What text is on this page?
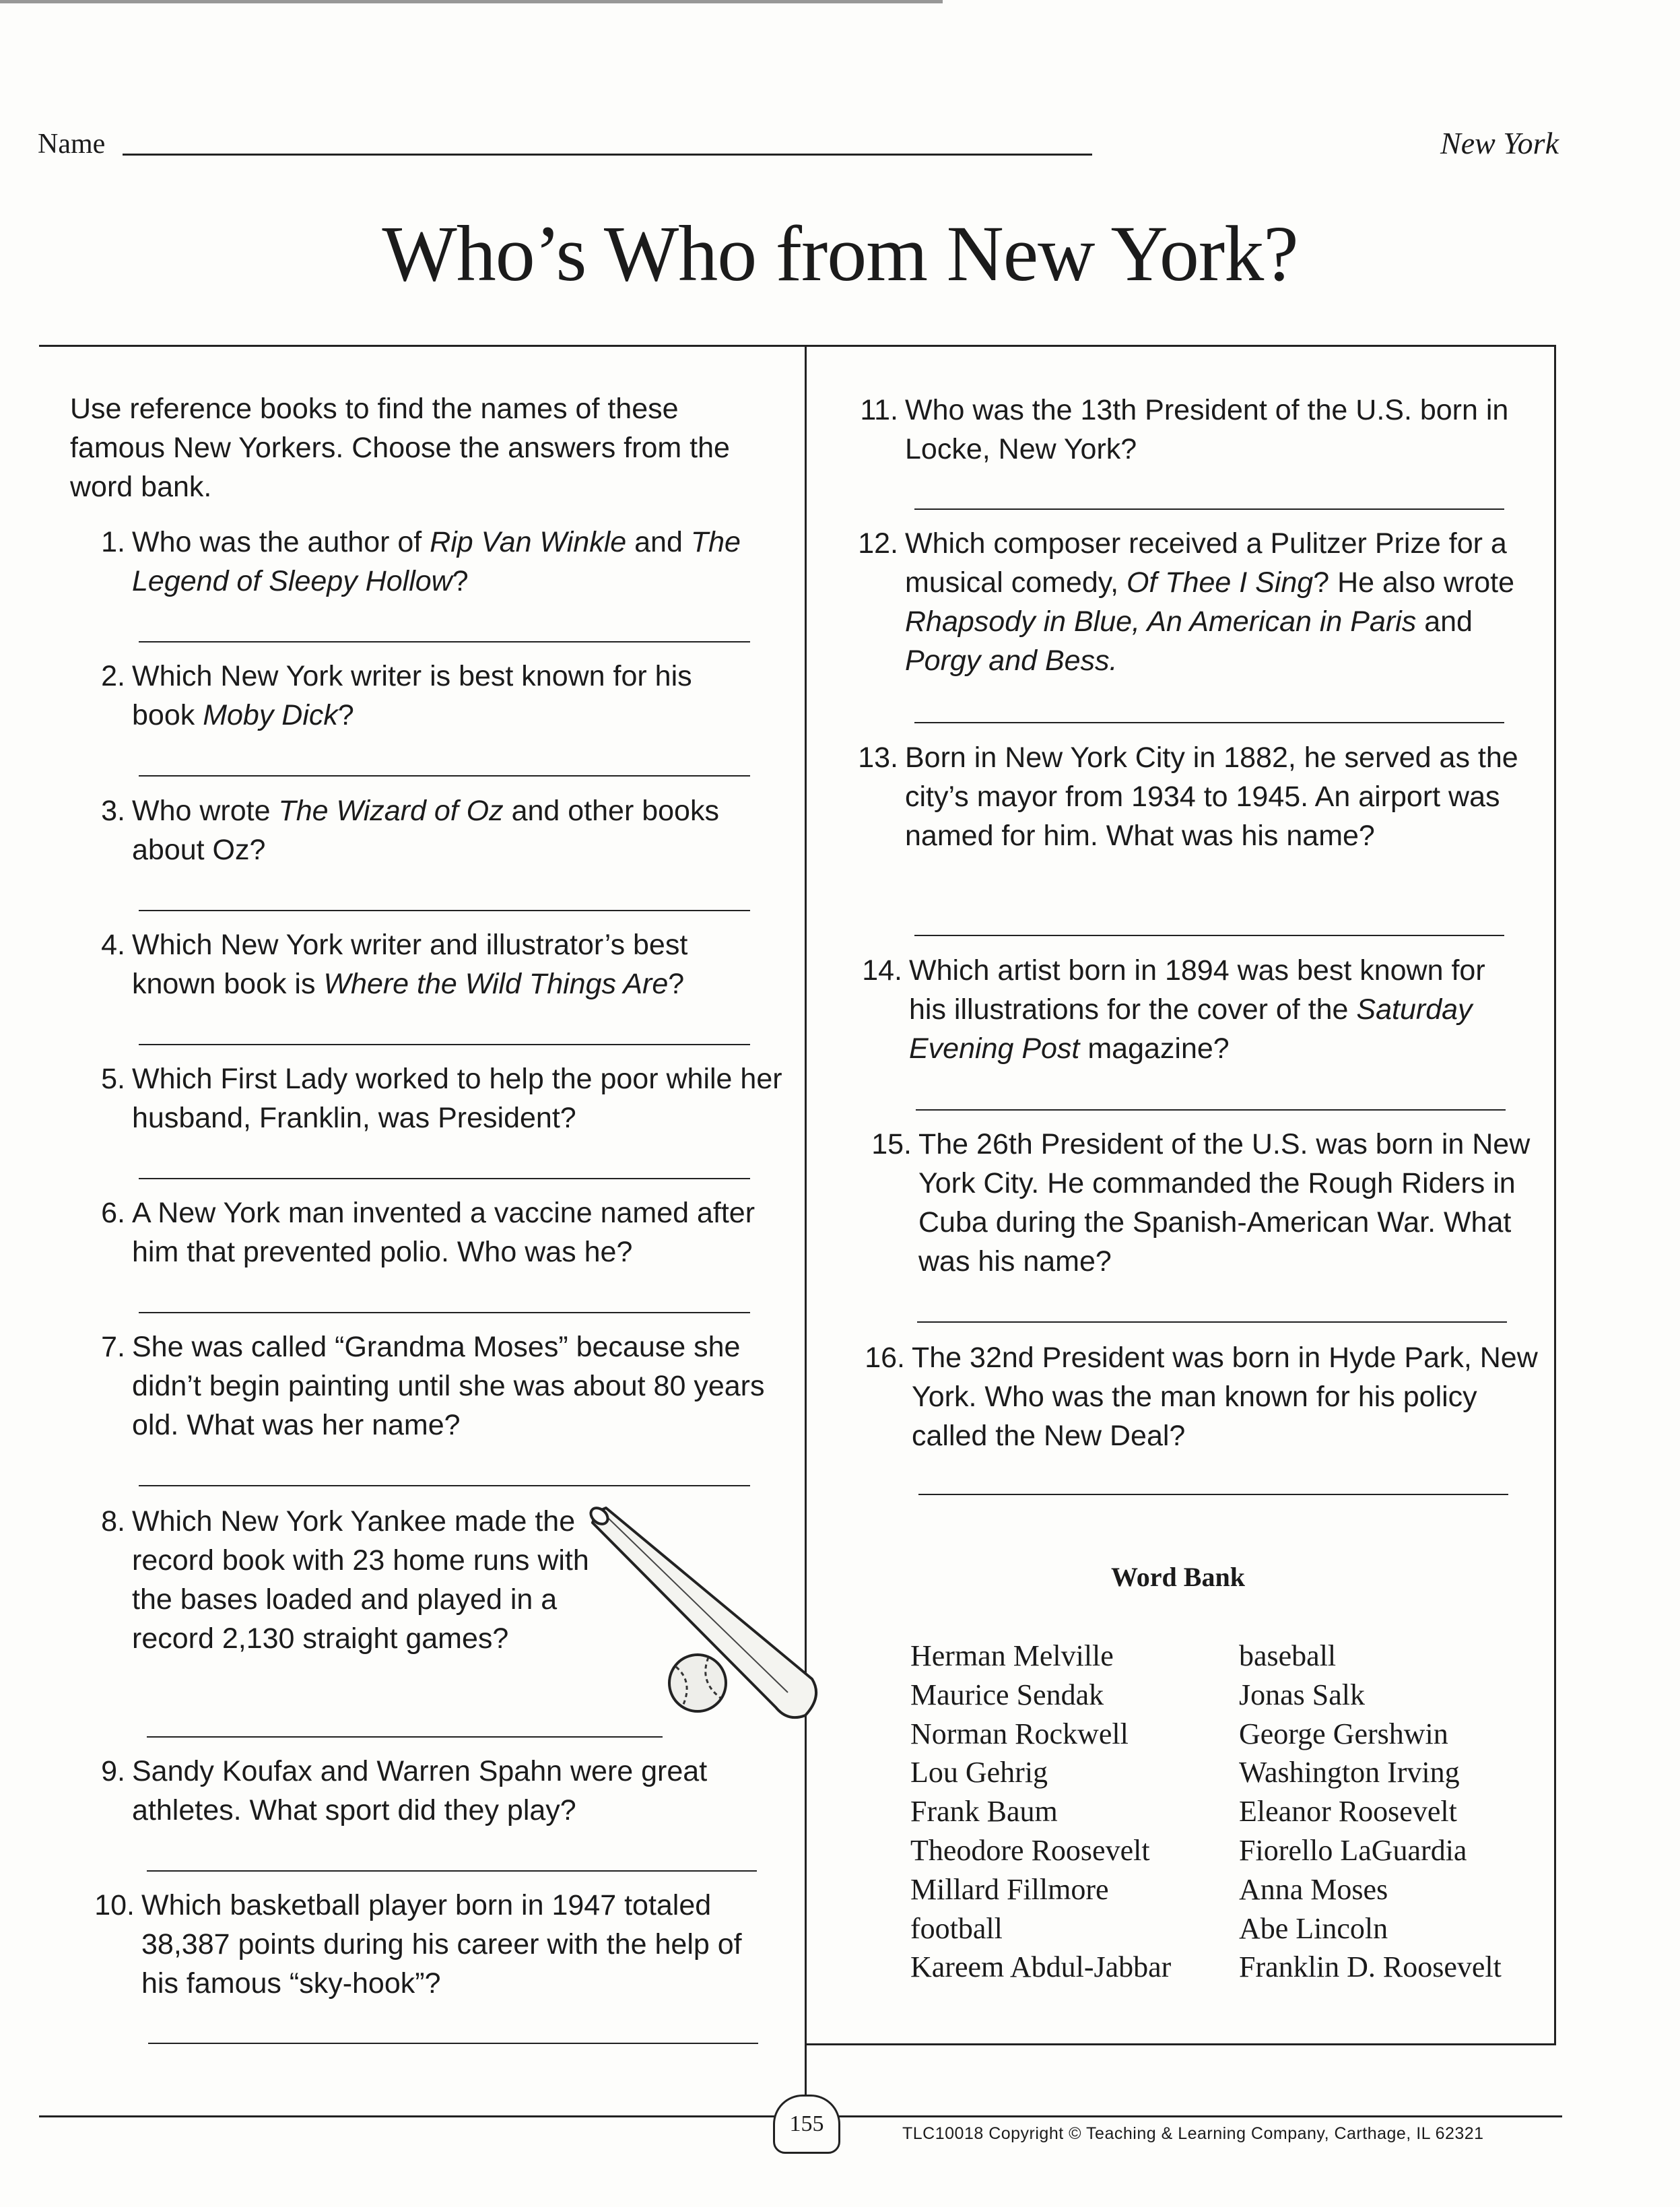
Name	New York
Who’s Who from New York?
Use reference books to find the names of these famous New Yorkers. Choose the answers from the word bank.
1. Who was the author of Rip Van Winkle and The Legend of Sleepy Hollow?
2. Which New York writer is best known for his book Moby Dick?
3. Who wrote The Wizard of Oz and other books about Oz?
4. Which New York writer and illustrator’s best known book is Where the Wild Things Are?
5. Which First Lady worked to help the poor while her husband, Franklin, was President?
6. A New York man invented a vaccine named after him that prevented polio. Who was he?
7. She was called “Grandma Moses” because she didn’t begin painting until she was about 80 years old. What was her name?
8. Which New York Yankee made the record book with 23 home runs with the bases loaded and played in a record 2,130 straight games?
9. Sandy Koufax and Warren Spahn were great athletes. What sport did they play?
10. Which basketball player born in 1947 totaled 38,387 points during his career with the help of his famous “sky-hook”?
11. Who was the 13th President of the U.S. born in Locke, New York?
12. Which composer received a Pulitzer Prize for a musical comedy, Of Thee I Sing? He also wrote Rhapsody in Blue, An American in Paris and Porgy and Bess.
13. Born in New York City in 1882, he served as the city’s mayor from 1934 to 1945. An airport was named for him. What was his name?
14. Which artist born in 1894 was best known for his illustrations for the cover of the Saturday Evening Post magazine?
15. The 26th President of the U.S. was born in New York City. He commanded the Rough Riders in Cuba during the Spanish-American War. What was his name?
16. The 32nd President was born in Hyde Park, New York. Who was the man known for his policy called the New Deal?
Word Bank
Herman Melville
Maurice Sendak
Norman Rockwell
Lou Gehrig
Frank Baum
Theodore Roosevelt
Millard Fillmore
football
Kareem Abdul-Jabbar
baseball
Jonas Salk
George Gershwin
Washington Irving
Eleanor Roosevelt
Fiorello LaGuardia
Anna Moses
Abe Lincoln
Franklin D. Roosevelt
155	TLC10018 Copyright © Teaching & Learning Company, Carthage, IL 62321
